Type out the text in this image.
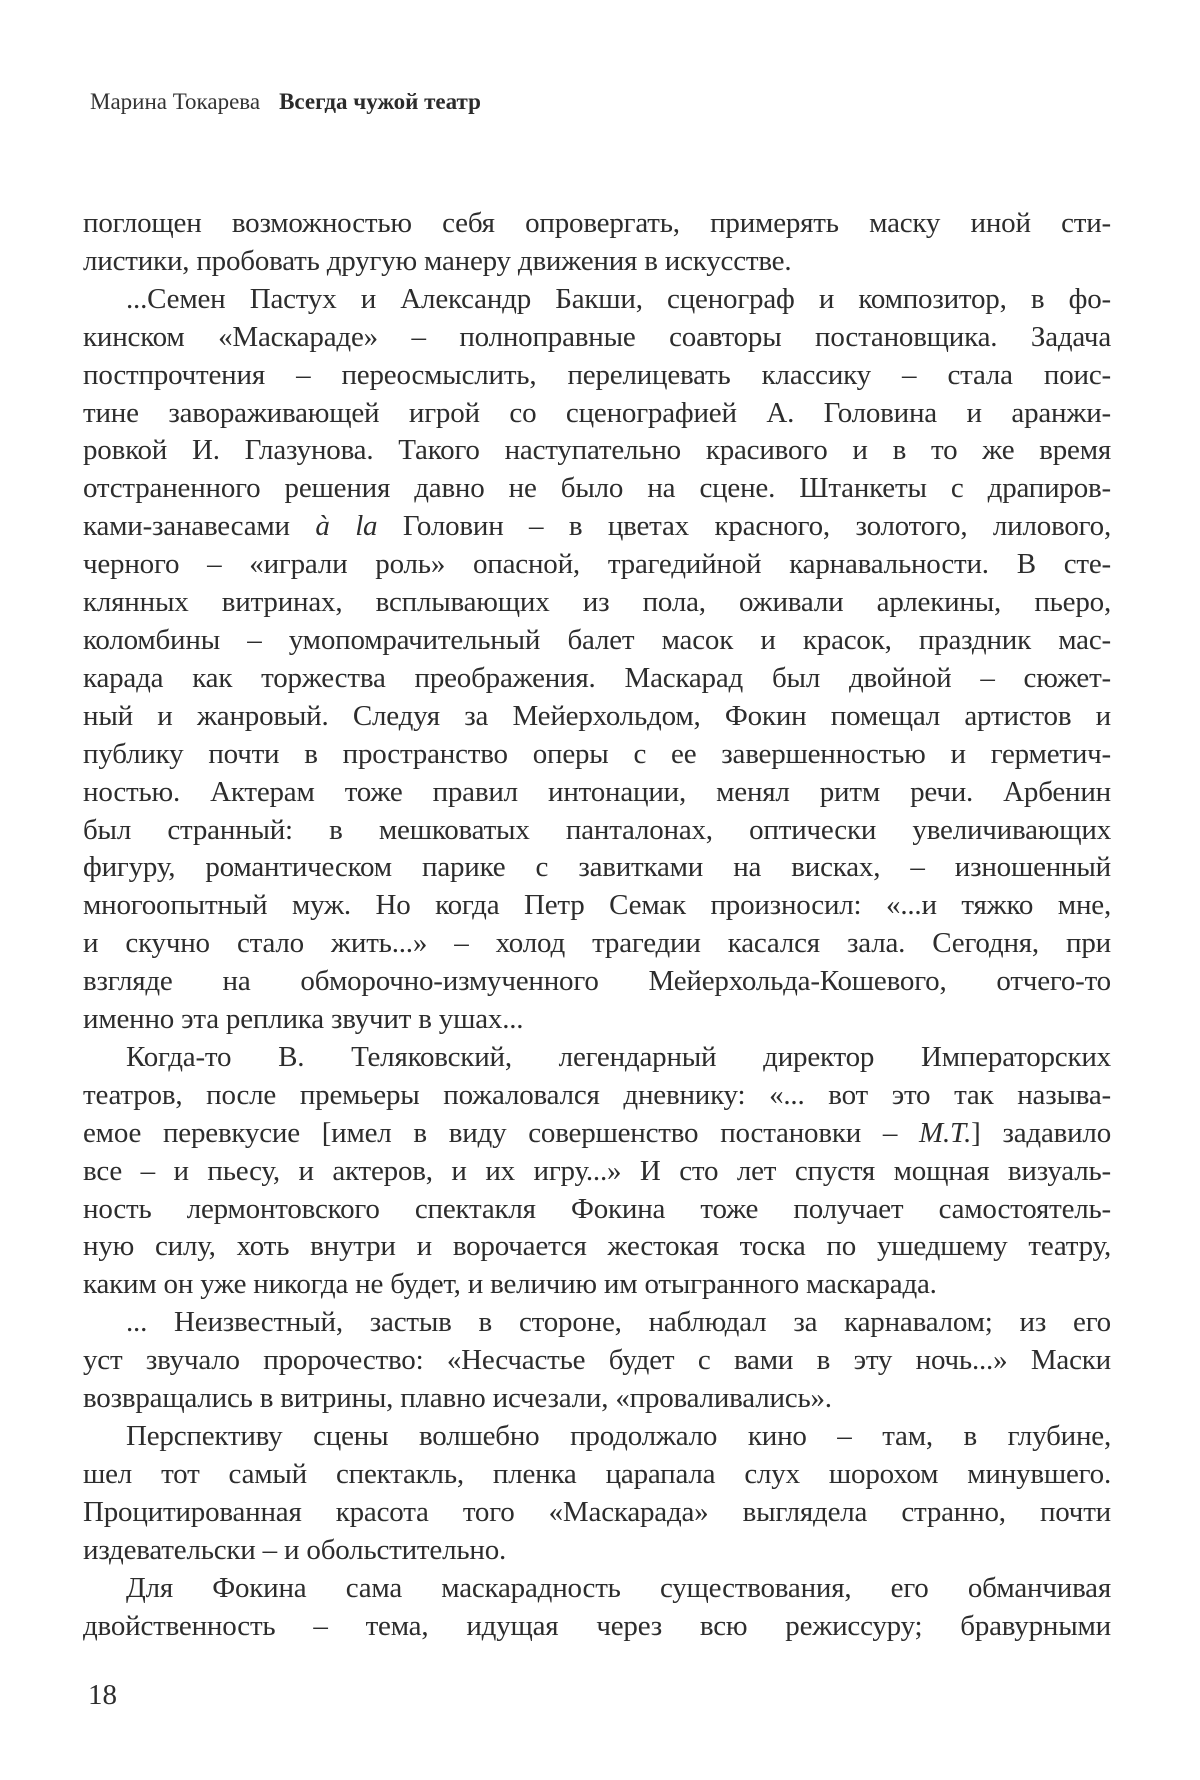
Марина Токарева Всегда чужой театр
поглощен возможностью себя опровергать, примерять маску иной сти-
листики, пробовать другую манеру движения в искусстве.
...Семен Пастух и Александр Бакши, сценограф и композитор, в фо-
кинском «Маскараде» – полноправные соавторы постановщика. Задача
постпрочтения – переосмыслить, перелицевать классику – стала поис-
тине завораживающей игрой со сценографией А. Головина и аранжи-
ровкой И. Глазунова. Такого наступательно красивого и в то же время
отстраненного решения давно не было на сцене. Штанкеты с драпиров-
ками-занавесами à la Головин – в цветах красного, золотого, лилового,
черного – «играли роль» опасной, трагедийной карнавальности. В сте-
клянных витринах, всплывающих из пола, оживали арлекины, пьеро,
коломбины – умопомрачительный балет масок и красок, праздник мас-
карада как торжества преображения. Маскарад был двойной – сюжет-
ный и жанровый. Следуя за Мейерхольдом, Фокин помещал артистов и
публику почти в пространство оперы с ее завершенностью и герметич-
ностью. Актерам тоже правил интонации, менял ритм речи. Арбенин
был странный: в мешковатых панталонах, оптически увеличивающих
фигуру, романтическом парике с завитками на висках, – изношенный
многоопытный муж. Но когда Петр Семак произносил: «...и тяжко мне,
и скучно стало жить...» – холод трагедии касался зала. Сегодня, при
взгляде на обморочно-измученного Мейерхольда-Кошевого, отчего-то
именно эта реплика звучит в ушах...
Когда-то В. Теляковский, легендарный директор Императорских
театров, после премьеры пожаловался дневнику: «... вот это так называ-
емое перевкусие [имел в виду совершенство постановки – М.Т.] задавило
все – и пьесу, и актеров, и их игру...» И сто лет спустя мощная визуаль-
ность лермонтовского спектакля Фокина тоже получает самостоятель-
ную силу, хоть внутри и ворочается жестокая тоска по ушедшему театру,
каким он уже никогда не будет, и величию им отыгранного маскарада.
... Неизвестный, застыв в стороне, наблюдал за карнавалом; из его
уст звучало пророчество: «Несчастье будет с вами в эту ночь...» Маски
возвращались в витрины, плавно исчезали, «проваливались».
Перспективу сцены волшебно продолжало кино – там, в глубине,
шел тот самый спектакль, пленка царапала слух шорохом минувшего.
Процитированная красота того «Маскарада» выглядела странно, почти
издевательски – и обольстительно.
Для Фокина сама маскарадность существования, его обманчивая
двойственность – тема, идущая через всю режиссуру; бравурными
18
